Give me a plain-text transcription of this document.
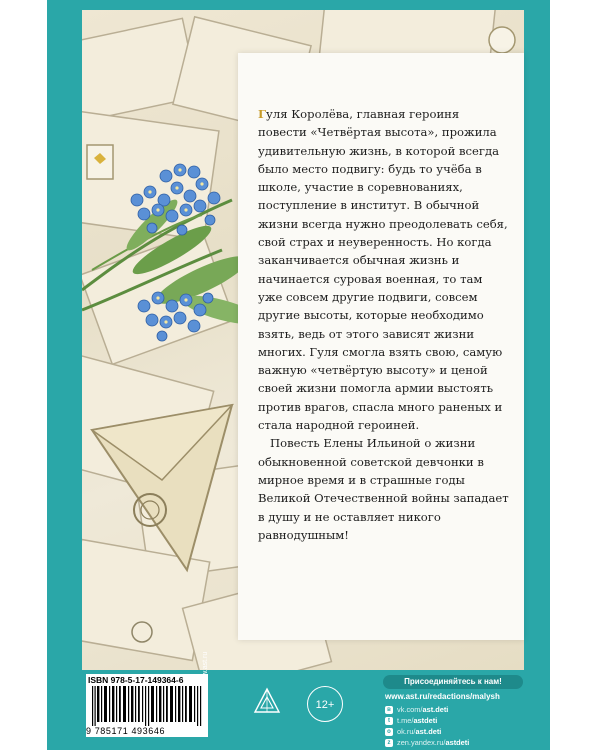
Гуля Королёва, главная героиня повести «Четвёртая высота», прожила удивительную жизнь, в которой всегда было место подвигу: будь то учёба в школе, участие в соревнованиях, поступление в институт. В обычной жизни всегда нужно преодолевать себя, свой страх и неуверенность. Но когда заканчивается обычная жизнь и начинается суровая военная, то там уже совсем другие подвиги, совсем другие высоты, которые необходимо взять, ведь от этого зависят жизни многих. Гуля смогла взять свою, самую важную «четвёртую высоту» и ценой своей жизни помогла армии выстоять против врагов, спасла много раненых и стала народной героиней.

Повесть Елены Ильиной о жизни обыкновенной советской девчонки в мирное время и в страшные годы Великой Отечественной войны западает в душу и не оставляет никого равнодушным!

ISBN 978-5-17-149364-6
9 785171 493646
www.ast.ru
12+
Присоединяйтесь к нам!
www.ast.ru/redactions/malysh
в vk.com/ ast.deti
t t.me/ astdeti
о ok.ru/ ast.deti
z zen.yandex.ru/ astdeti
